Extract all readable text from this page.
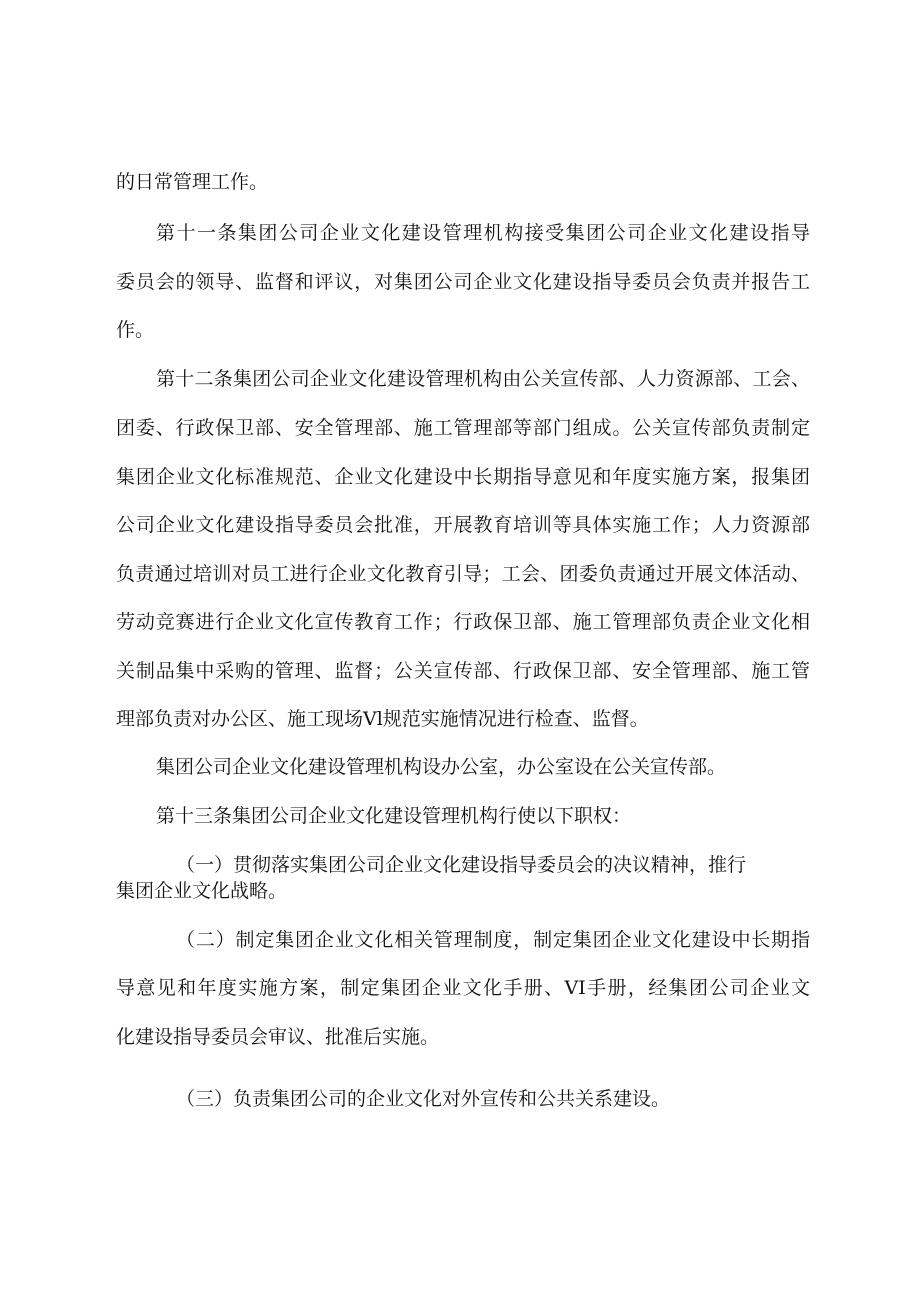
的日常管理工作。
第十一条集团公司企业文化建设管理机构接受集团公司企业文化建设指导
委员会的领导、监督和评议，对集团公司企业文化建设指导委员会负责并报告工
作。
第十二条集团公司企业文化建设管理机构由公关宣传部、人力资源部、工会、
团委、行政保卫部、安全管理部、施工管理部等部门组成。公关宣传部负责制定
集团企业文化标准规范、企业文化建设中长期指导意见和年度实施方案，报集团
公司企业文化建设指导委员会批准，开展教育培训等具体实施工作；人力资源部
负责通过培训对员工进行企业文化教育引导；工会、团委负责通过开展文体活动、
劳动竞赛进行企业文化宣传教育工作；行政保卫部、施工管理部负责企业文化相
关制品集中采购的管理、监督；公关宣传部、行政保卫部、安全管理部、施工管
理部负责对办公区、施工现场Vl规范实施情况进行检查、监督。
集团公司企业文化建设管理机构设办公室，办公室设在公关宣传部。
第十三条集团公司企业文化建设管理机构行使以下职权：
（一）贯彻落实集团公司企业文化建设指导委员会的决议精神，推行
集团企业文化战略。
（二）制定集团企业文化相关管理制度，制定集团企业文化建设中长期指
导意见和年度实施方案，制定集团企业文化手册、VI手册，经集团公司企业文
化建设指导委员会审议、批准后实施。
（三）负责集团公司的企业文化对外宣传和公共关系建设。
